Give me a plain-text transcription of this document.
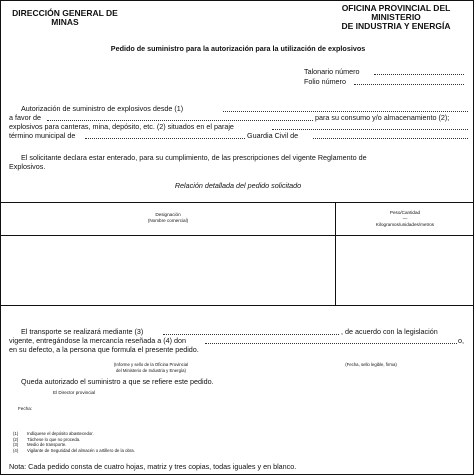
DIRECCIÓN GENERAL DE
MINAS
OFICINA PROVINCIAL DEL
MINISTERIO
DE INDUSTRIA Y ENERGÍA
Pedido de suministro para la autorización para la utilización de explosivos
Talonario número
Folio número
Autorización de suministro de explosivos desde (1)
a favor de	para su consumo y/o almacenamiento (2);
explosivos para canteras, mina, depósito, etc. (2) situados en el paraje
término municipal de	Guardia Civil de
El solicitante declara estar enterado, para su cumplimiento, de las prescripciones del vigente Reglamento de
Explosivos.
Relación detallada del pedido solicitado
Designación
(Nombre comercial)
Peso/Cantidad
—
Kilogramos/unidades/metros
El transporte se realizará mediante (3)	, de acuerdo con la legislación
vigente, entregándose la mercancía reseñada a (4) don	o,
en su defecto, a la persona que formula el presente pedido.
(Informe y sello de la Oficina Provincial
del Ministerio de Industria y Energía)
(Fecha, sello legible, firma)
Queda autorizado el suministro a que se refiere este pedido.
El Director provincial
Fecha:
(1) Indíquese el depósito abastecedor.
(2) Táchese lo que no proceda.
(3) Medio de transporte.
(4) Vigilante de Seguridad del almacén o artillero de la obra.
Nota: Cada pedido consta de cuatro hojas, matriz y tres copias, todas iguales y en blanco.
